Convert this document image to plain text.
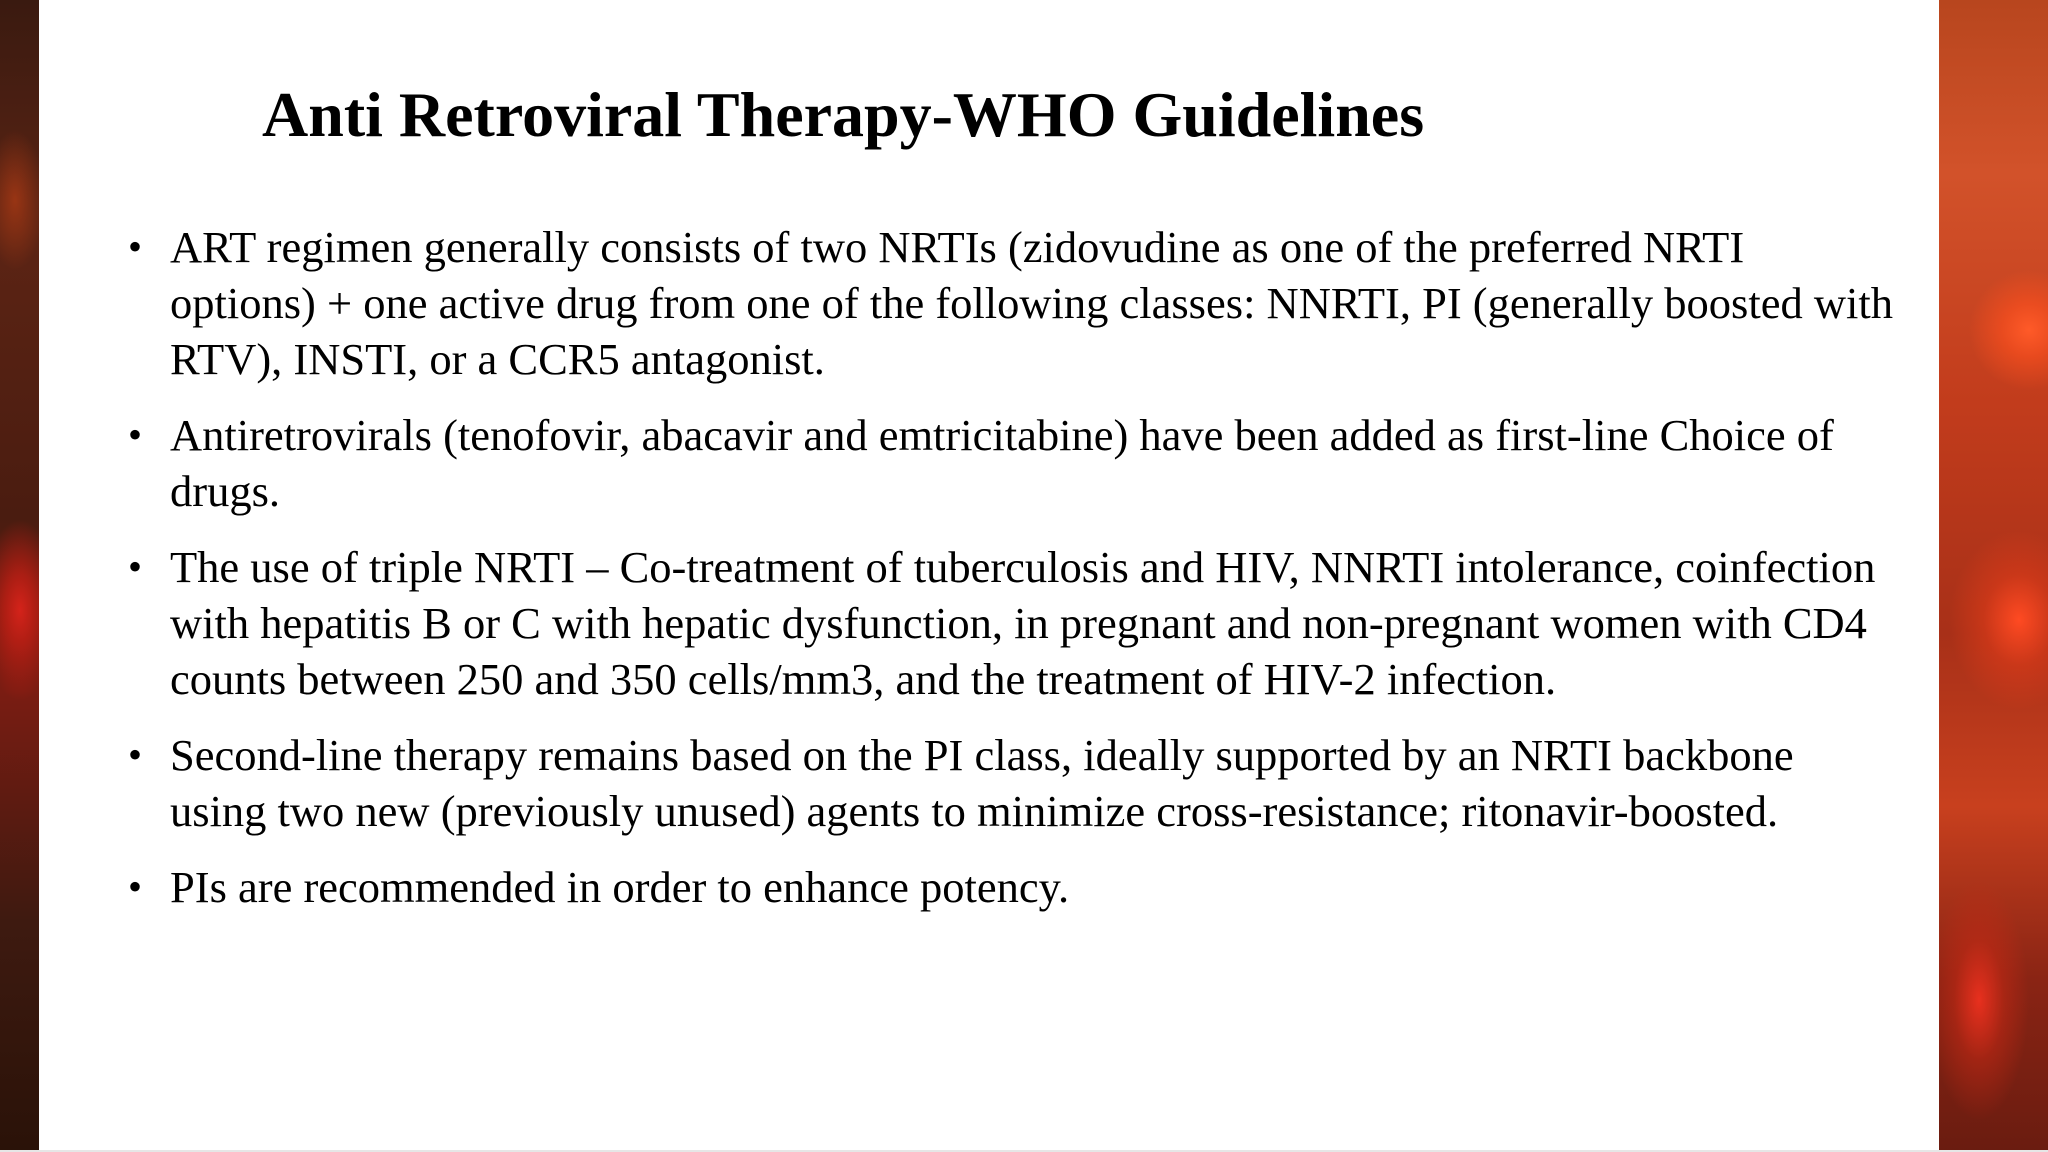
Anti Retroviral Therapy-WHO Guidelines
• ART regimen generally consists of two NRTIs (zidovudine as one of the preferred NRTI options) + one active drug from one of the following classes: NNRTI, PI (generally boosted with RTV), INSTI, or a CCR5 antagonist.
• Antiretrovirals (tenofovir, abacavir and emtricitabine) have been added as first-line Choice of drugs.
• The use of triple NRTI – Co-treatment of tuberculosis and HIV, NNRTI intolerance, coinfection with hepatitis B or C with hepatic dysfunction, in pregnant and non-pregnant women with CD4 counts between 250 and 350 cells/mm3, and the treatment of HIV-2 infection.
• Second-line therapy remains based on the PI class, ideally supported by an NRTI backbone using two new (previously unused) agents to minimize cross-resistance; ritonavir-boosted.
• PIs are recommended in order to enhance potency.
